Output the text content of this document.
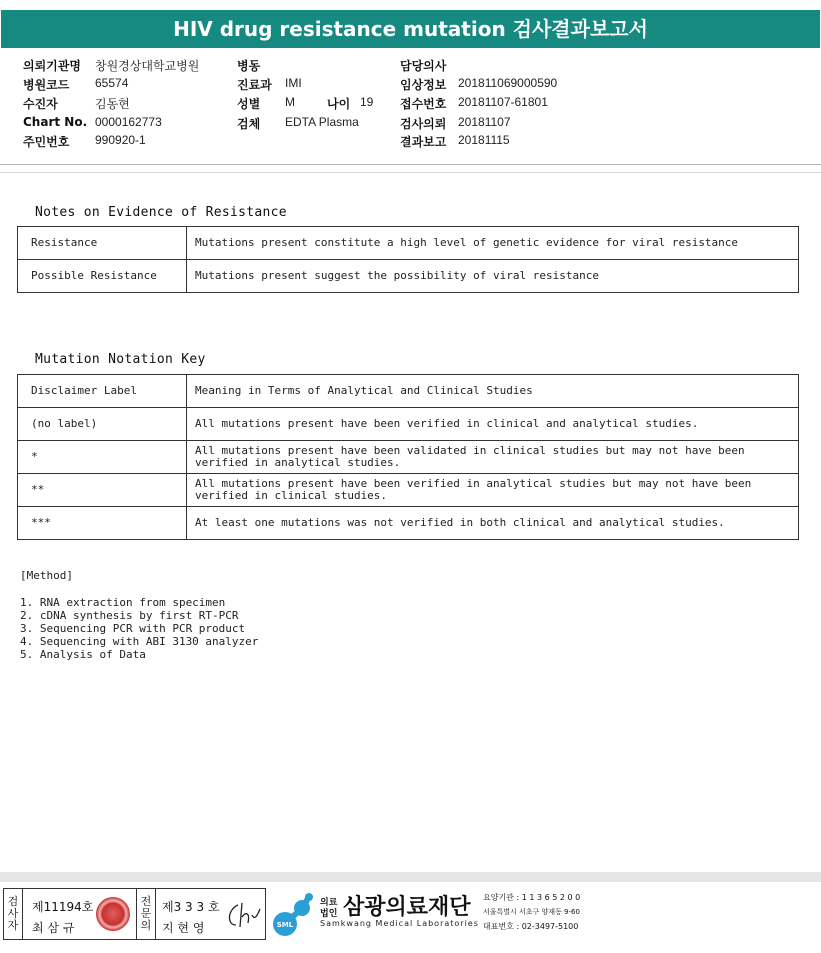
HIV drug resistance mutation 검사결과보고서
의뢰기관명 창원경상대학교병원
병원코드 65574
수진자	김동현
Chart No. 0000162773
주민번호 990920-1
병동
진료과 IMI
성별 M	나이 19
검체 EDTA Plasma
담당의사
임상정보 201811069000590
접수번호 20181107-61801
검사의뢰 20181107
결과보고 20181115
Notes on Evidence of Resistance
Resistance	Mutations present constitute a high level of genetic evidence for viral resistance
Possible Resistance	Mutations present suggest the possibility of viral resistance
Mutation Notation Key
Disclaimer Label	Meaning in Terms of Analytical and Clinical Studies
(no label)	All mutations present have been verified in clinical and analytical studies.
*	All mutations present have been validated in clinical studies but may not have been verified in analytical studies.
**	All mutations present have been verified in analytical studies but may not have been verified in clinical studies.
***	At least one mutations was not verified in both clinical and analytical studies.
[Method]
1. RNA extraction from specimen
2. cDNA synthesis by first RT-PCR
3. Sequencing PCR with PCR product
4. Sequencing with ABI 3130 analyzer
5. Analysis of Data
검
사
자
제11194호
최 삼 규
전
문
의
제3 3 3 호
지 현 영	SML
의료
법인 삼광의료재단
Samkwang Medical Laboratories
요양기관 : 1 1 3 6 5 2 0 0
서울특별시 서초구 양재동 9-60
대표번호 : 02-3497-5100
